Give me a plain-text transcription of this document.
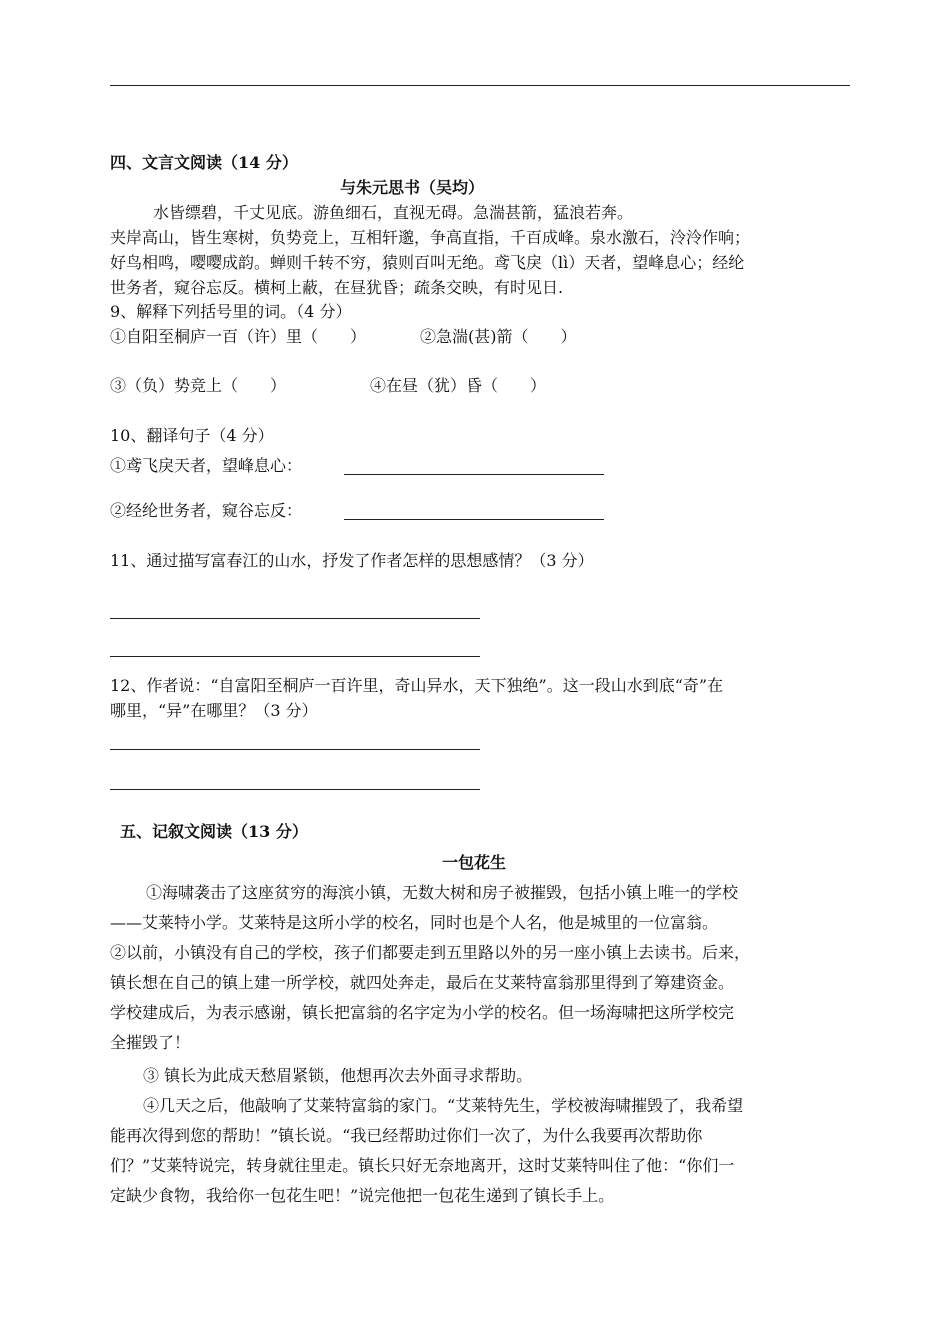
四、文言文阅读（14 分）
与朱元思书（吴均）
水皆缥碧，千丈见底。游鱼细石，直视无碍。急湍甚箭，猛浪若奔。
夹岸高山，皆生寒树，负势竞上，互相轩邈，争高直指，千百成峰。泉水激石，泠泠作响；
好鸟相鸣，嘤嘤成韵。蝉则千转不穷，猿则百叫无绝。鸢飞戾（lì）天者，望峰息心；经纶
世务者，窥谷忘反。横柯上蔽，在昼犹昏；疏条交映，有时见日.
9、解释下列括号里的词。（4 分）
①自阳至桐庐一百（许）里（　　）	②急湍(甚)箭（　　）
③（负）势竞上（　　）	④在昼（犹）昏（　　）
10、翻译句子（4 分）
①鸢飞戾天者，望峰息心：
②经纶世务者，窥谷忘反：
11、通过描写富春江的山水，抒发了作者怎样的思想感情？（3 分）
12、作者说：“自富阳至桐庐一百许里，奇山异水，天下独绝”。这一段山水到底“奇”在
哪里，“异”在哪里？（3 分）
五、记叙文阅读（13 分）
一包花生
①海啸袭击了这座贫穷的海滨小镇，无数大树和房子被摧毁，包括小镇上唯一的学校
——艾莱特小学。艾莱特是这所小学的校名，同时也是个人名，他是城里的一位富翁。
②以前，小镇没有自己的学校，孩子们都要走到五里路以外的另一座小镇上去读书。后来，
镇长想在自己的镇上建一所学校，就四处奔走，最后在艾莱特富翁那里得到了筹建资金。
学校建成后，为表示感谢，镇长把富翁的名字定为小学的校名。但一场海啸把这所学校完
全摧毁了！
③ 镇长为此成天愁眉紧锁，他想再次去外面寻求帮助。
④几天之后，他敲响了艾莱特富翁的家门。“艾莱特先生，学校被海啸摧毁了，我希望
能再次得到您的帮助！”镇长说。“我已经帮助过你们一次了，为什么我要再次帮助你
们？”艾莱特说完，转身就往里走。镇长只好无奈地离开，这时艾莱特叫住了他：“你们一
定缺少食物，我给你一包花生吧！”说完他把一包花生递到了镇长手上。
